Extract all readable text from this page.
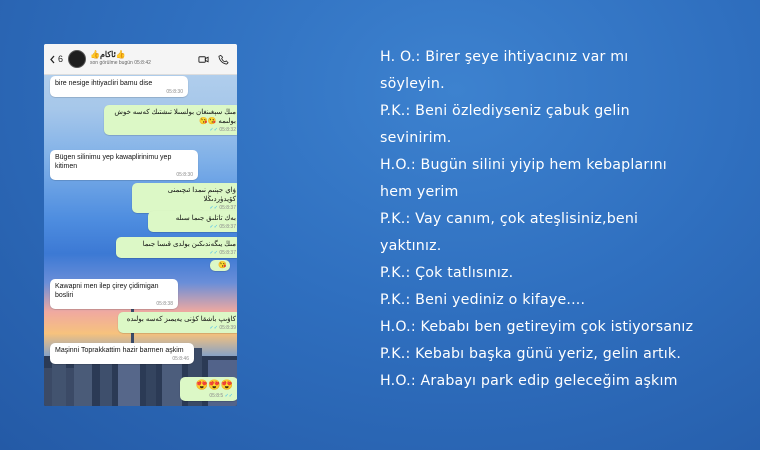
6	👍ئاكام👍
son görülme bugün 05:8:42
bire nesige ihtiyacliri bamu dise
05:8:30
مىڭ سېغىنغان بولسىلا تىشتىك كەسە خوش بولىمە 😘😘
05:8:32 ✓✓
Bügen silinimu yep kawaplirinimu yep kitimen
05:8:30
ۋاي جېنىم نىمدا ئىچىمنى كۆيدۈردىڭلا
05:8:37 ✓✓
بەك تاتلىق جىما سىلە
05:8:37 ✓✓
مىڭ يىگەندىكىن بولدى قىسا جىما
05:8:37 ✓✓
😘
Kawapni men ilep çirey çidimigan bosliri
05:8:38
كاۋىپ باشقا كۈنى يەيمىز كەسە بولىدە
05:8:39 ✓✓
Maşinni Toprakkattim hazir barmen aşkim
05:8:46
😍😍😍
05:8:5 ✓✓
H. O.: Birer şeye ihtiyacınız var mı
söyleyin.
P.K.: Beni özlediyseniz çabuk gelin
sevinirim.
H.O.: Bugün silini yiyip hem kebaplarını
hem yerim
P.K.: Vay canım, çok ateşlisiniz,beni
yaktınız.
P.K.: Çok tatlısınız.
P.K.: Beni yediniz o kifaye....
H.O.: Kebabı ben getireyim çok istiyorsanız
P.K.: Kebabı başka günü yeriz, gelin artık.
H.O.: Arabayı park edip geleceğim aşkım
